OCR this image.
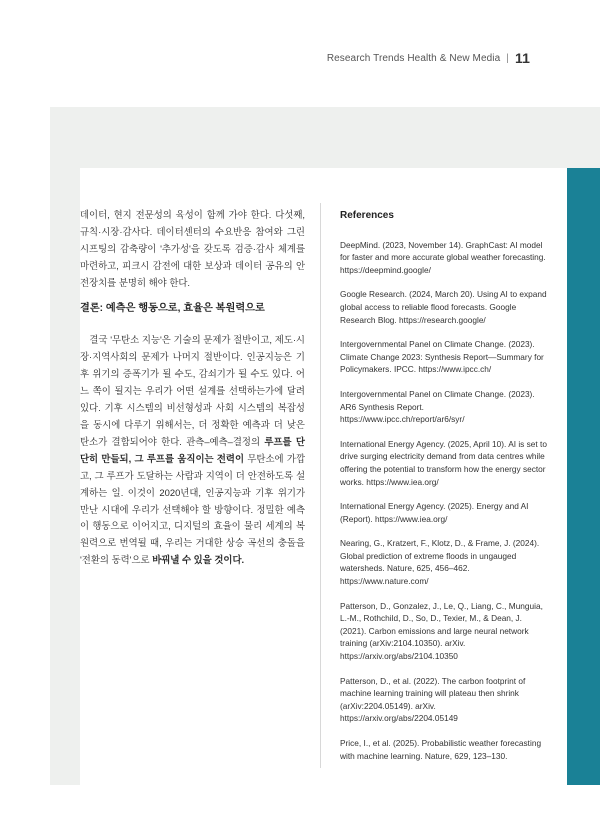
Research Trends Health & New Media | 11

데이터, 현지 전문성의 육성이 함께 가야 한다. 다섯째, 규칙·시장·감사다. 데이터센터의 수요반응 참여와 그린 시프팅의 감축량이 '추가성'을 갖도록 검증·감사 체계를 마련하고, 피크시 감전에 대한 보상과 데이터 공유의 안전장치를 분명히 해야 한다.

결론: 예측은 행동으로, 효율은 복원력으로

결국 '무탄소 지능'은 기술의 문제가 절반이고, 제도·시장·지역사회의 문제가 나머지 절반이다. 인공지능은 기후 위기의 증폭기가 될 수도, 감쇠기가 될 수도 있다. 어느 쪽이 될지는 우리가 어떤 설계를 선택하는가에 달려 있다. 기후 시스템의 비선형성과 사회 시스템의 복잡성을 동시에 다루기 위해서는, 더 정확한 예측과 더 낮은 탄소가 결합되어야 한다. 관측–예측–결정의 루프를 단단히 만들되, 그 루프를 움직이는 전력이 무탄소에 가깝고, 그 루프가 도달하는 사람과 지역이 더 안전하도록 설계하는 일. 이것이 2020년대, 인공지능과 기후 위기가 만난 시대에 우리가 선택해야 할 방향이다. 정밀한 예측이 행동으로 이어지고, 디지털의 효율이 물리 세계의 복원력으로 번역될 때, 우리는 거대한 상승 곡선의 충돌을 '전환의 동력'으로 바꿔낼 수 있을 것이다.

References

DeepMind. (2023, November 14). GraphCast: AI model for faster and more accurate global weather forecasting. https://deepmind.google/

Google Research. (2024, March 20). Using AI to expand global access to reliable flood forecasts. Google Research Blog. https://research.google/

Intergovernmental Panel on Climate Change. (2023). Climate Change 2023: Synthesis Report—Summary for Policymakers. IPCC. https://www.ipcc.ch/

Intergovernmental Panel on Climate Change. (2023). AR6 Synthesis Report. https://www.ipcc.ch/report/ar6/syr/

International Energy Agency. (2025, April 10). AI is set to drive surging electricity demand from data centres while offering the potential to transform how the energy sector works. https://www.iea.org/

International Energy Agency. (2025). Energy and AI (Report). https://www.iea.org/

Nearing, G., Kratzert, F., Klotz, D., & Frame, J. (2024). Global prediction of extreme floods in ungauged watersheds. Nature, 625, 456–462. https://www.nature.com/

Patterson, D., Gonzalez, J., Le, Q., Liang, C., Munguia, L.-M., Rothchild, D., So, D., Texier, M., & Dean, J. (2021). Carbon emissions and large neural network training (arXiv:2104.10350). arXiv. https://arxiv.org/abs/2104.10350

Patterson, D., et al. (2022). The carbon footprint of machine learning training will plateau then shrink (arXiv:2204.05149). arXiv. https://arxiv.org/abs/2204.05149

Price, I., et al. (2025). Probabilistic weather forecasting with machine learning. Nature, 629, 123–130.
